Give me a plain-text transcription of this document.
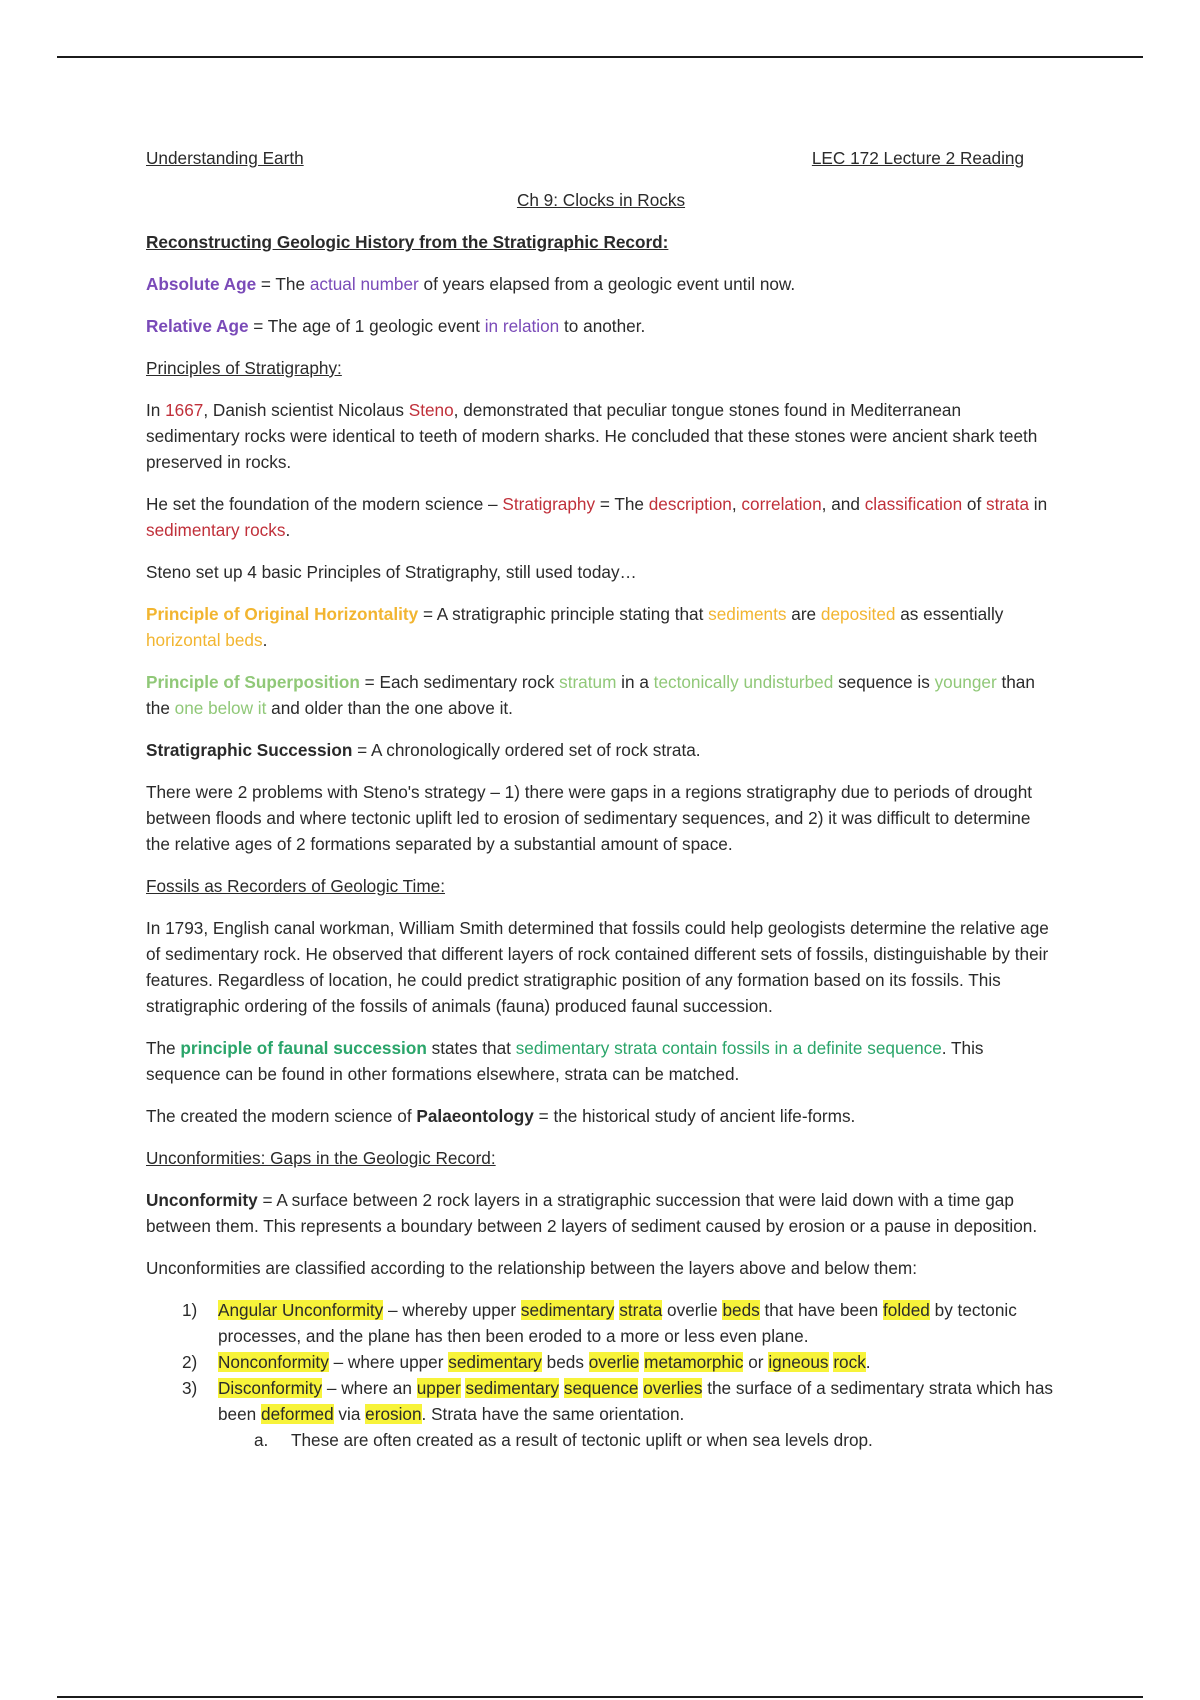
Understanding Earth	LEC 172 Lecture 2 Reading
Ch 9: Clocks in Rocks

Reconstructing Geologic History from the Stratigraphic Record:

Absolute Age = The actual number of years elapsed from a geologic event until now.

Relative Age = The age of 1 geologic event in relation to another.

Principles of Stratigraphy:

In 1667, Danish scientist Nicolaus Steno, demonstrated that peculiar tongue stones found in Mediterranean sedimentary rocks were identical to teeth of modern sharks. He concluded that these stones were ancient shark teeth preserved in rocks.

He set the foundation of the modern science – Stratigraphy = The description, correlation, and classification of strata in sedimentary rocks.

Steno set up 4 basic Principles of Stratigraphy, still used today…

Principle of Original Horizontality = A stratigraphic principle stating that sediments are deposited as essentially horizontal beds.

Principle of Superposition = Each sedimentary rock stratum in a tectonically undisturbed sequence is younger than the one below it and older than the one above it.

Stratigraphic Succession = A chronologically ordered set of rock strata.

There were 2 problems with Steno's strategy – 1) there were gaps in a regions stratigraphy due to periods of drought between floods and where tectonic uplift led to erosion of sedimentary sequences, and 2) it was difficult to determine the relative ages of 2 formations separated by a substantial amount of space.

Fossils as Recorders of Geologic Time:

In 1793, English canal workman, William Smith determined that fossils could help geologists determine the relative age of sedimentary rock. He observed that different layers of rock contained different sets of fossils, distinguishable by their features. Regardless of location, he could predict stratigraphic position of any formation based on its fossils. This stratigraphic ordering of the fossils of animals (fauna) produced faunal succession.

The principle of faunal succession states that sedimentary strata contain fossils in a definite sequence. This sequence can be found in other formations elsewhere, strata can be matched.

The created the modern science of Palaeontology = the historical study of ancient life-forms.

Unconformities: Gaps in the Geologic Record:

Unconformity = A surface between 2 rock layers in a stratigraphic succession that were laid down with a time gap between them. This represents a boundary between 2 layers of sediment caused by erosion or a pause in deposition.

Unconformities are classified according to the relationship between the layers above and below them:

1) Angular Unconformity – whereby upper sedimentary strata overlie beds that have been folded by tectonic processes, and the plane has then been eroded to a more or less even plane.
2) Nonconformity – where upper sedimentary beds overlie metamorphic or igneous rock.
3) Disconformity – where an upper sedimentary sequence overlies the surface of a sedimentary strata which has been deformed via erosion. Strata have the same orientation.
a. These are often created as a result of tectonic uplift or when sea levels drop.
